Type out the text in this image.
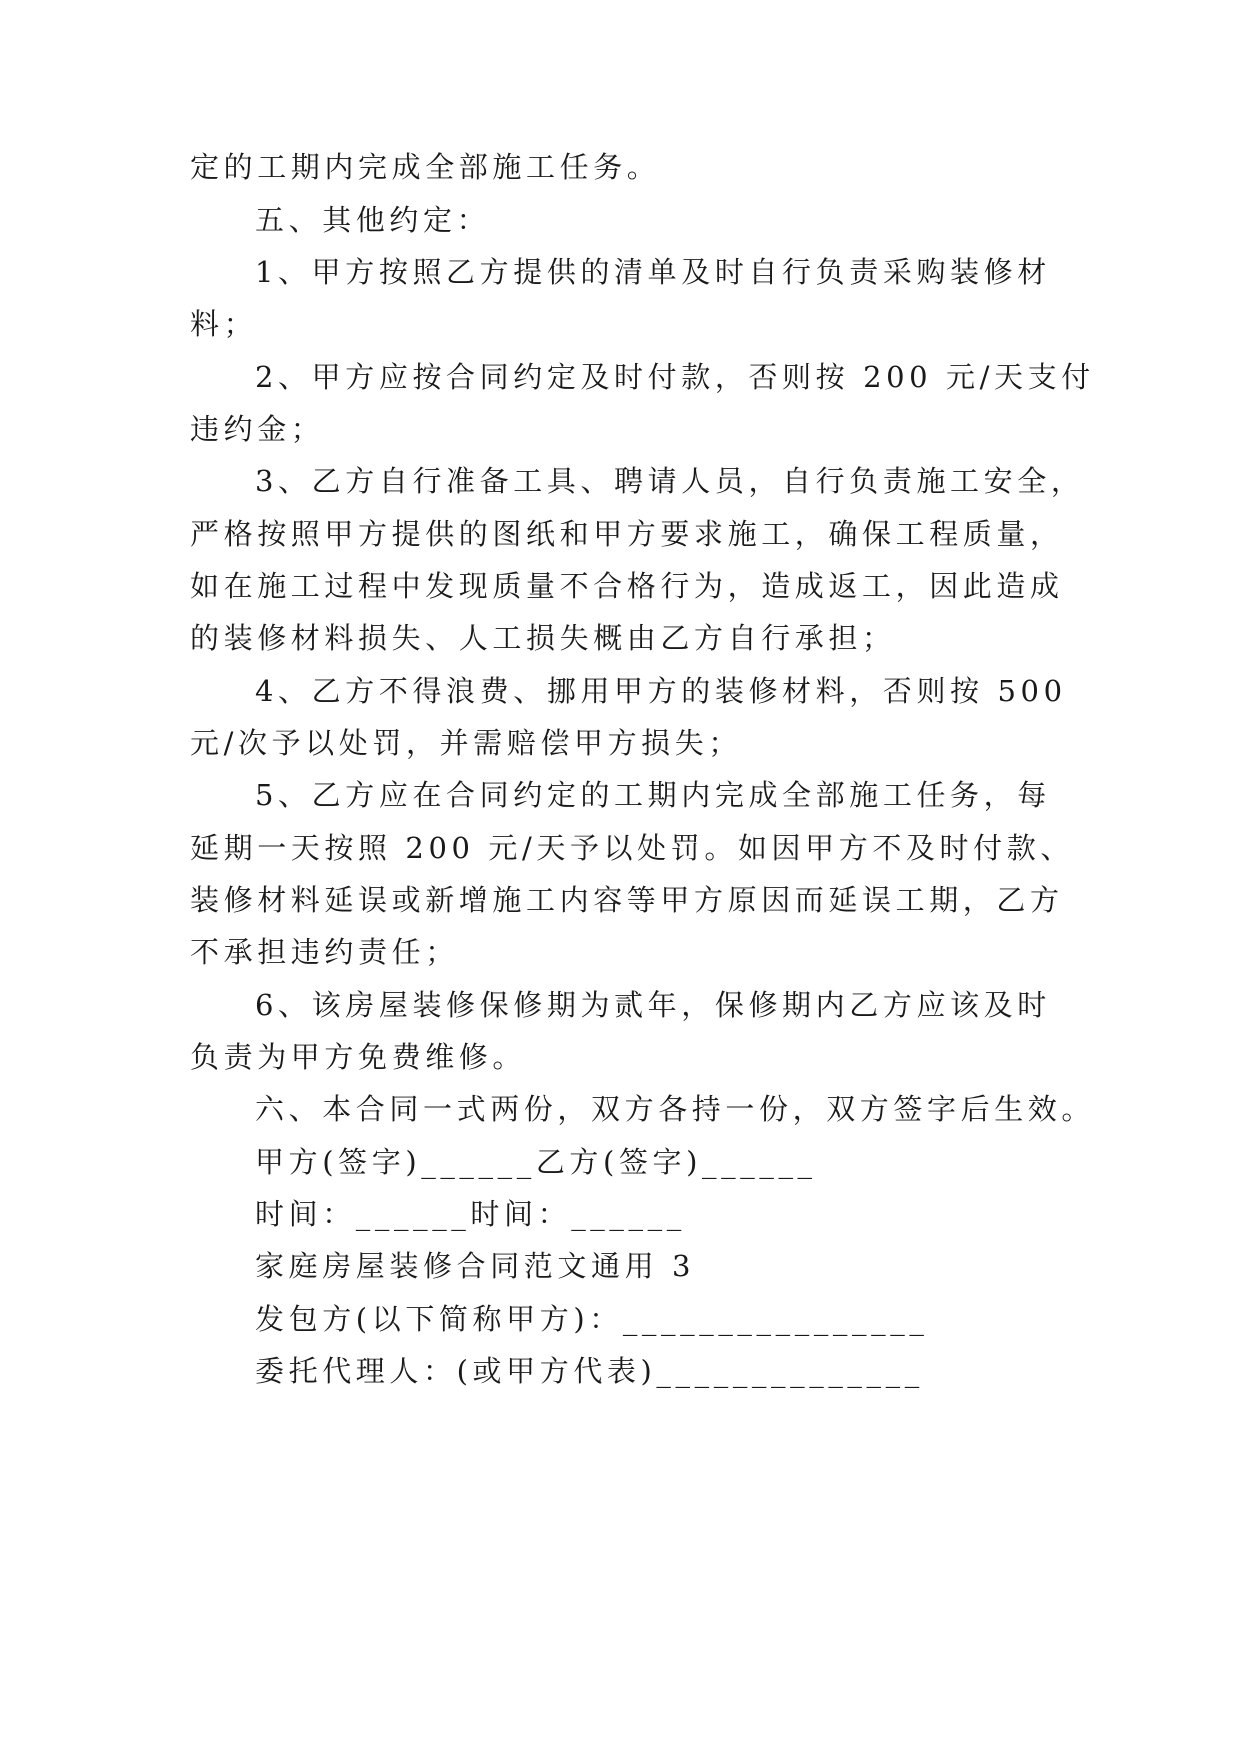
定的工期内完成全部施工任务。
五、其他约定：
1、甲方按照乙方提供的清单及时自行负责采购装修材
料；
2、甲方应按合同约定及时付款，否则按 200 元/天支付
违约金；
3、乙方自行准备工具、聘请人员，自行负责施工安全，
严格按照甲方提供的图纸和甲方要求施工，确保工程质量，
如在施工过程中发现质量不合格行为，造成返工，因此造成
的装修材料损失、人工损失概由乙方自行承担；
4、乙方不得浪费、挪用甲方的装修材料，否则按 500
元/次予以处罚，并需赔偿甲方损失；
5、乙方应在合同约定的工期内完成全部施工任务，每
延期一天按照 200 元/天予以处罚。如因甲方不及时付款、
装修材料延误或新增施工内容等甲方原因而延误工期，乙方
不承担违约责任；
6、该房屋装修保修期为贰年，保修期内乙方应该及时
负责为甲方免费维修。
六、本合同一式两份，双方各持一份，双方签字后生效。
甲方(签字)______乙方(签字)______
时间：______时间：______
家庭房屋装修合同范文通用 3
发包方(以下简称甲方)：________________
委托代理人：(或甲方代表)______________
